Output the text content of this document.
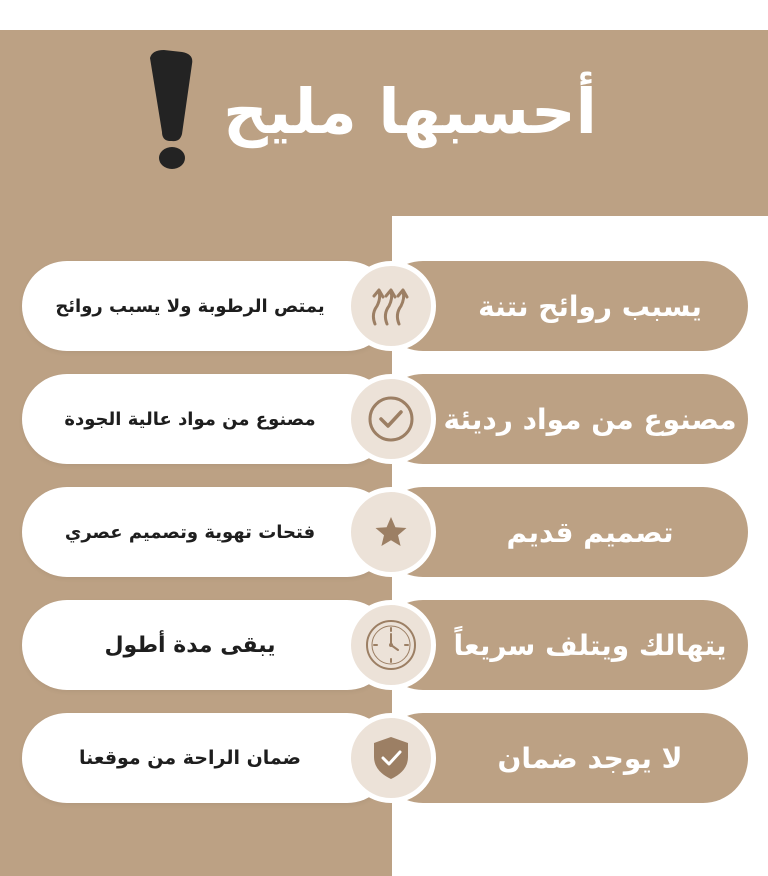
أحسبها مليح
يمتص الرطوبة ولا يسبب روائح	يسبب روائح نتنة
مصنوع من مواد عالية الجودة	مصنوع من مواد رديئة
فتحات تهوية وتصميم عصري	تصميم قديم
يبقى مدة أطول	يتهالك ويتلف سريعاً
ضمان الراحة من موقعنا	لا يوجد ضمان
